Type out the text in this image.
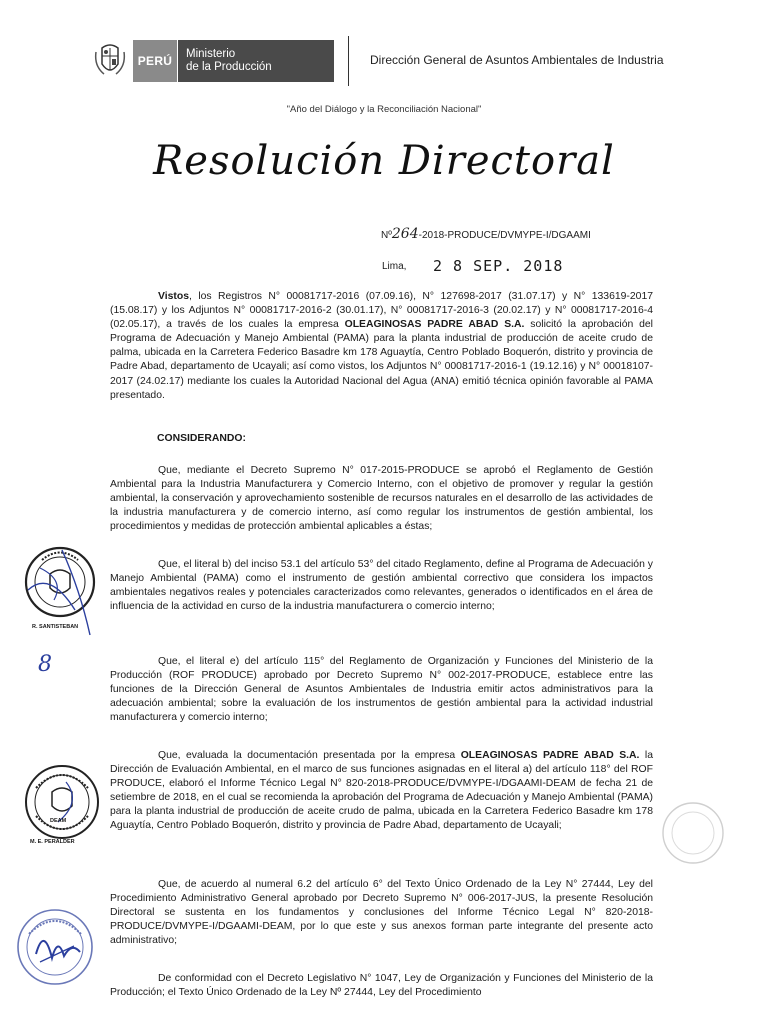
PERÚ	Ministerio
de la Producción	Dirección General de Asuntos Ambientales de Industria
"Año del Diálogo y la Reconciliación Nacional"
Resolución Directoral
Nº264-2018-PRODUCE/DVMYPE-I/DGAAMI
Lima, 2 8 SEP. 2018
Vistos, los Registros N° 00081717-2016 (07.09.16), N° 127698-2017 (31.07.17) y N° 133619-2017 (15.08.17) y los Adjuntos N° 00081717-2016-2 (30.01.17), N° 00081717-2016-3 (20.02.17) y N° 00081717-2016-4 (02.05.17), a través de los cuales la empresa OLEAGINOSAS PADRE ABAD S.A. solicitó la aprobación del Programa de Adecuación y Manejo Ambiental (PAMA) para la planta industrial de producción de aceite crudo de palma, ubicada en la Carretera Federico Basadre km 178 Aguaytía, Centro Poblado Boquerón, distrito y provincia de Padre Abad, departamento de Ucayali; así como vistos, los Adjuntos N° 00081717-2016-1 (19.12.16) y N° 00018107-2017 (24.02.17) mediante los cuales la Autoridad Nacional del Agua (ANA) emitió técnica opinión favorable al PAMA presentado.
CONSIDERANDO:
Que, mediante el Decreto Supremo N° 017-2015-PRODUCE se aprobó el Reglamento de Gestión Ambiental para la Industria Manufacturera y Comercio Interno, con el objetivo de promover y regular la gestión ambiental, la conservación y aprovechamiento sostenible de recursos naturales en el desarrollo de las actividades de la industria manufacturera y de comercio interno, así como regular los instrumentos de gestión ambiental, los procedimientos y medidas de protección ambiental aplicables a éstas;
Que, el literal b) del inciso 53.1 del artículo 53° del citado Reglamento, define al Programa de Adecuación y Manejo Ambiental (PAMA) como el instrumento de gestión ambiental correctivo que considera los impactos ambientales negativos reales y potenciales caracterizados como relevantes, generados o identificados en el área de influencia de la actividad en curso de la industria manufacturera o comercio interno;
Que, el literal e) del artículo 115° del Reglamento de Organización y Funciones del Ministerio de la Producción (ROF PRODUCE) aprobado por Decreto Supremo N° 002-2017-PRODUCE, establece entre las funciones de la Dirección General de Asuntos Ambientales de Industria emitir actos administrativos para la adecuación ambiental; sobre la evaluación de los instrumentos de gestión ambiental para la actividad industrial manufacturera y comercio interno;
Que, evaluada la documentación presentada por la empresa OLEAGINOSAS PADRE ABAD S.A. la Dirección de Evaluación Ambiental, en el marco de sus funciones asignadas en el literal a) del artículo 118° del ROF PRODUCE, elaboró el Informe Técnico Legal N° 820-2018-PRODUCE/DVMYPE-I/DGAAMI-DEAM de fecha 21 de setiembre de 2018, en el cual se recomienda la aprobación del Programa de Adecuación y Manejo Ambiental (PAMA) para la planta industrial de producción de aceite crudo de palma, ubicada en la Carretera Federico Basadre km 178 Aguaytía, Centro Poblado Boquerón, distrito y provincia de Padre Abad, departamento de Ucayali;
Que, de acuerdo al numeral 6.2 del artículo 6° del Texto Único Ordenado de la Ley N° 27444, Ley del Procedimiento Administrativo General aprobado por Decreto Supremo N° 006-2017-JUS, la presente Resolución Directoral se sustenta en los fundamentos y conclusiones del Informe Técnico Legal N° 820-2018-PRODUCE/DVMYPE-I/DGAAMI-DEAM, por lo que este y sus anexos forman parte integrante del presente acto administrativo;
De conformidad con el Decreto Legislativo N° 1047, Ley de Organización y Funciones del Ministerio de la Producción; el Texto Único Ordenado de la Ley Nº 27444, Ley del Procedimiento
R. SANTISTEBAN
8
DEAM
M. E. PERALDER
